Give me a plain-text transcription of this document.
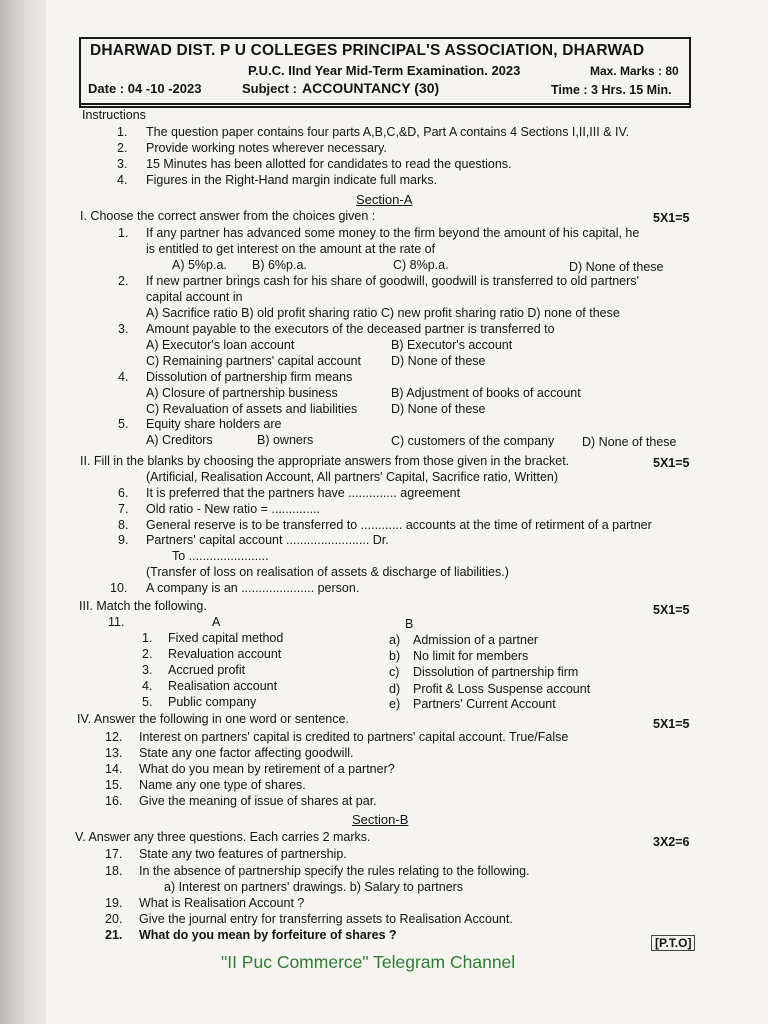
DHARWAD DIST. P U COLLEGES PRINCIPAL'S ASSOCIATION, DHARWAD
P.U.C. IInd Year Mid-Term Examination. 2023	Max. Marks : 80
Date : 04 -10 -2023	Subject : ACCOUNTANCY (30)	Time : 3 Hrs. 15 Min.
Instructions
1. The question paper contains four parts A,B,C,&D, Part A contains 4 Sections I,II,III & IV.
2. Provide working notes wherever necessary.
3. 15 Minutes has been allotted for candidates to read the questions.
4. Figures in the Right-Hand margin indicate full marks.
Section-A
I. Choose the correct answer from the choices given :	5X1=5
1. If any partner has advanced some money to the firm beyond the amount of his capital, he
is entitled to get interest on the amount at the rate of
A) 5%p.a. B) 6%p.a.	C) 8%p.a.	D) None of these
2. If new partner brings cash for his share of goodwill, goodwill is transferred to old partners'
capital account in
A) Sacrifice ratio B) old profit sharing ratio C) new profit sharing ratio D) none of these
3. Amount payable to the executors of the deceased partner is transferred to
A) Executor's loan account	B) Executor's account
C) Remaining partners' capital account D) None of these
4. Dissolution of partnership firm means
A) Closure of partnership business	B) Adjustment of books of account
C) Revaluation of assets and liabilities	D) None of these
5. Equity share holders are
A) Creditors	B) owners	C) customers of the company D) None of these
II. Fill in the blanks by choosing the appropriate answers from those given in the bracket.	5X1=5
(Artificial, Realisation Account, All partners' Capital, Sacrifice ratio, Written)
6. It is preferred that the partners have .............. agreement
7. Old ratio - New ratio = ..............
8. General reserve is to be transferred to ............ accounts at the time of retirment of a partner
9. Partners' capital account ........................ Dr.
To .......................
(Transfer of loss on realisation of assets & discharge of liabilities.)
10. A company is an ..................... person.
III. Match the following.	5X1=5
11.	A	B
1. Fixed capital method	a) Admission of a partner
2. Revaluation account	b) No limit for members
3. Accrued profit	c) Dissolution of partnership firm
4. Realisation account	d) Profit & Loss Suspense account
5. Public company	e) Partners' Current Account
IV. Answer the following in one word or sentence.	5X1=5
12. Interest on partners' capital is credited to partners' capital account. True/False
13. State any one factor affecting goodwill.
14. What do you mean by retirement of a partner?
15. Name any one type of shares.
16. Give the meaning of issue of shares at par.
Section-B
V. Answer any three questions. Each carries 2 marks.	3X2=6
17. State any two features of partnership.
18. In the absence of partnership specify the rules relating to the following.
a) Interest on partners' drawings. b) Salary to partners
19. What is Realisation Account ?
20. Give the journal entry for transferring assets to Realisation Account.
21. What do you mean by forfeiture of shares ?
[P.T.O]
"II Puc Commerce" Telegram Channel
